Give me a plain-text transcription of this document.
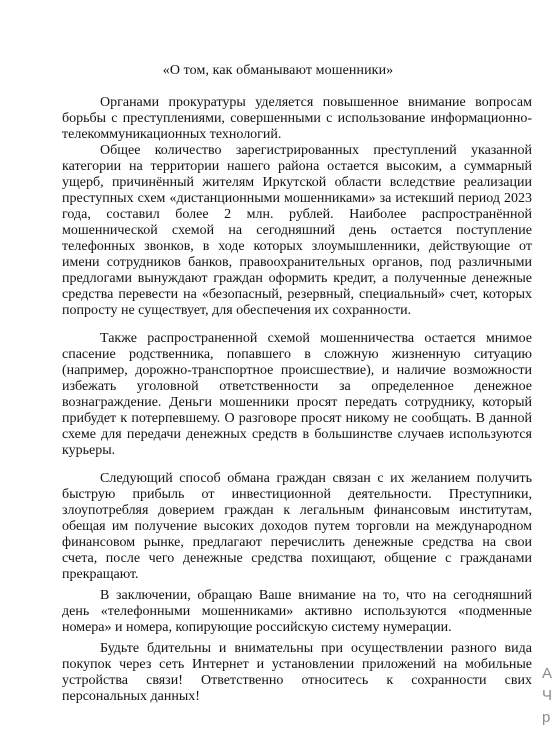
«О том, как обманывают мошенники»

Органами прокуратуры уделяется повышенное внимание вопросам борьбы с преступлениями, совершенными с использование информационно-телекоммуникационных технологий.

Общее количество зарегистрированных преступлений указанной категории на территории нашего района остается высоким, а суммарный ущерб, причинённый жителям Иркутской области вследствие реализации преступных схем «дистанционными мошенниками» за истекший период 2023 года, составил более 2 млн. рублей. Наиболее распространённой мошеннической схемой на сегодняшний день остается поступление телефонных звонков, в ходе которых злоумышленники, действующие от имени сотрудников банков, правоохранительных органов, под различными предлогами вынуждают граждан оформить кредит, а полученные денежные средства перевести на «безопасный, резервный, специальный» счет, которых попросту не существует, для обеспечения их сохранности.

Также распространенной схемой мошенничества остается мнимое спасение родственника, попавшего в сложную жизненную ситуацию (например, дорожно-транспортное происшествие), и наличие возможности избежать уголовной ответственности за определенное денежное вознаграждение. Деньги мошенники просят передать сотруднику, который прибудет к потерпевшему. О разговоре просят никому не сообщать. В данной схеме для передачи денежных средств в большинстве случаев используются курьеры.

Следующий способ обмана граждан связан с их желанием получить быструю прибыль от инвестиционной деятельности. Преступники, злоупотребляя доверием граждан к легальным финансовым институтам, обещая им получение высоких доходов путем торговли на международном финансовом рынке, предлагают перечислить денежные средства на свои счета, после чего денежные средства похищают, общение с гражданами прекращают.

В заключении, обращаю Ваше внимание на то, что на сегодняшний день «телефонными мошенниками» активно используются «подменные номера» и номера, копирующие российскую систему нумерации.

Будьте бдительны и внимательны при осуществлении разного вида покупок через сеть Интернет и установлении приложений на мобильные устройства связи! Ответственно относитесь к сохранности свих персональных данных!

А
Ч
р
